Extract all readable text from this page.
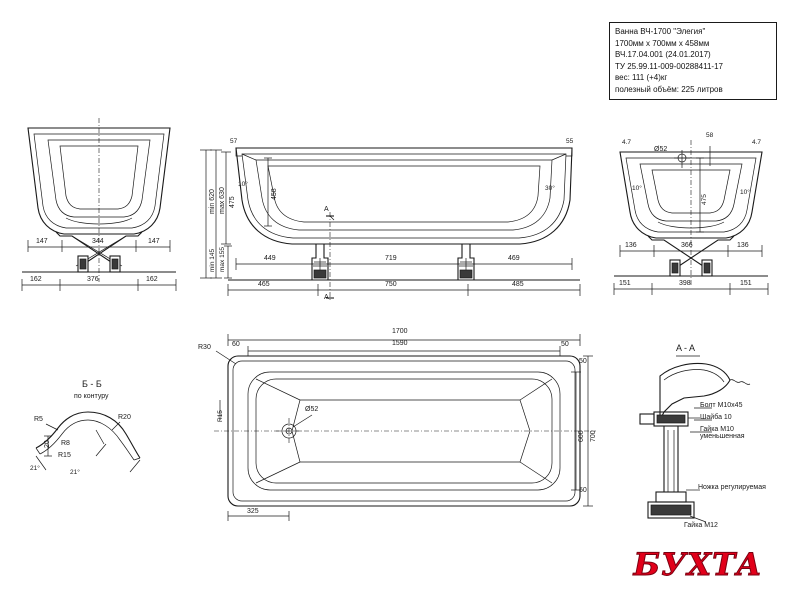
Ванна ВЧ-1700 "Элегия"
1700мм x 700мм x 458мм
ВЧ.17.04.001 (24.01.2017)
ТУ 25.99.11-009-00288411-17
вес: 111 (+4)кг
полезный объём: 225 литров
147	344	147
162	376	162
57	55
10°
30°
458
min 620 max 630 475
min 145 max 155	449	719	469
465	750	485
A
A
4.7	4.7
Ø52
58
10°
10°
475
136	366	136
151	398	151
1700
1590
60	50
R30
Ø52
50
600 700
50
325
R15
Б - Б
по контуру
R5	R20
R8
R15
20
21°
21°
A - A
Болт М10х45
Шайба 10
Гайка М10 уменьшенная
Ножка регулируемая
Гайка М12
БУХТА
